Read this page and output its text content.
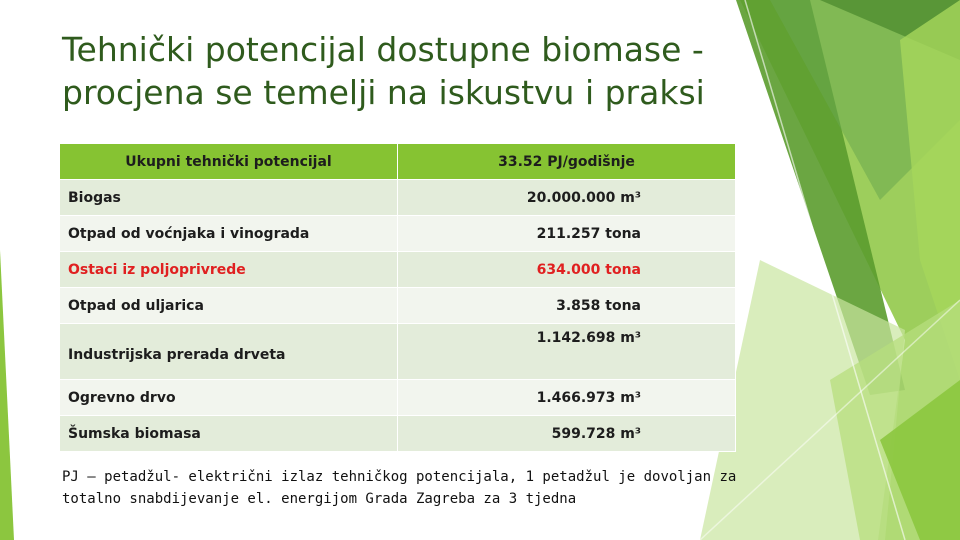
Tehnički potencijal dostupne biomase -
procjena se temelji na iskustvu i praksi
Ukupni tehnički potencijal	33.52 PJ/godišnje
Biogas	20.000.000 m³
Otpad od voćnjaka i vinograda	211.257 tona
Ostaci iz poljoprivrede	634.000 tona
Otpad od uljarica	3.858 tona
Industrijska prerada drveta	1.142.698 m³
Ogrevno drvo	1.466.973 m³
Šumska biomasa	599.728 m³
PJ – petadžul- električni izlaz tehničkog potencijala, 1 petadžul je dovoljan za
totalno snabdijevanje el. energijom Grada Zagreba za 3 tjedna
